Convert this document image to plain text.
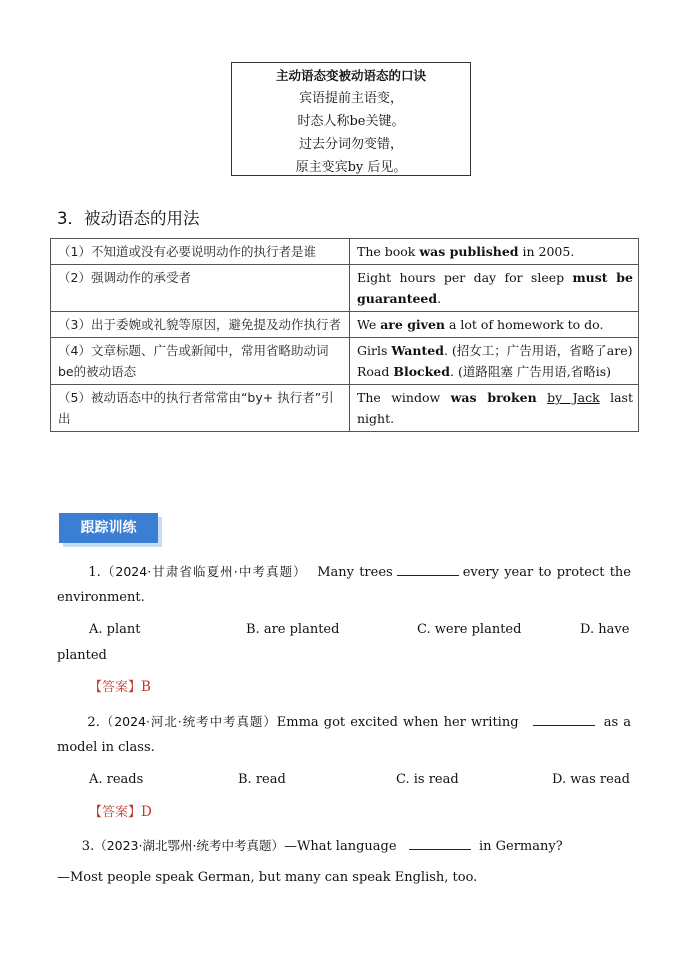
主动语态变被动语态的口诀
宾语提前主语变，
时态人称be关键。
过去分词勿变错，
原主变宾by 后见。
3．被动语态的用法
（1）不知道或没有必要说明动作的执行者是谁	The book was published in 2005.
（2）强调动作的承受者	Eight hours per day for sleep must be guaranteed.
（3）出于委婉或礼貌等原因，避免提及动作执行者	We are given a lot of homework to do.
（4）文章标题、广告或新闻中，常用省略助动词be的被动语态	Girls Wanted. (招女工；广告用语，省略了are)
Road Blocked. (道路阻塞 广告用语,省略is)

（5）被动语态中的执行者常常由“by+ 执行者”引出	The window was broken by Jack last night.
跟踪训练
1.（2024·甘肃省临夏州·中考真题） Many trees	every year to protect the environment.
A. plant	B. are planted	C. were planted	D. have
planted
【答案】B
2.（2024·河北·统考中考真题）Emma got excited when her writing	as a model in class.
A. reads	B. read	C. is read	D. was read
【答案】D
3.（2023·湖北鄂州·统考中考真题）—What language	in Germany?
—Most people speak German, but many can speak English, too.
